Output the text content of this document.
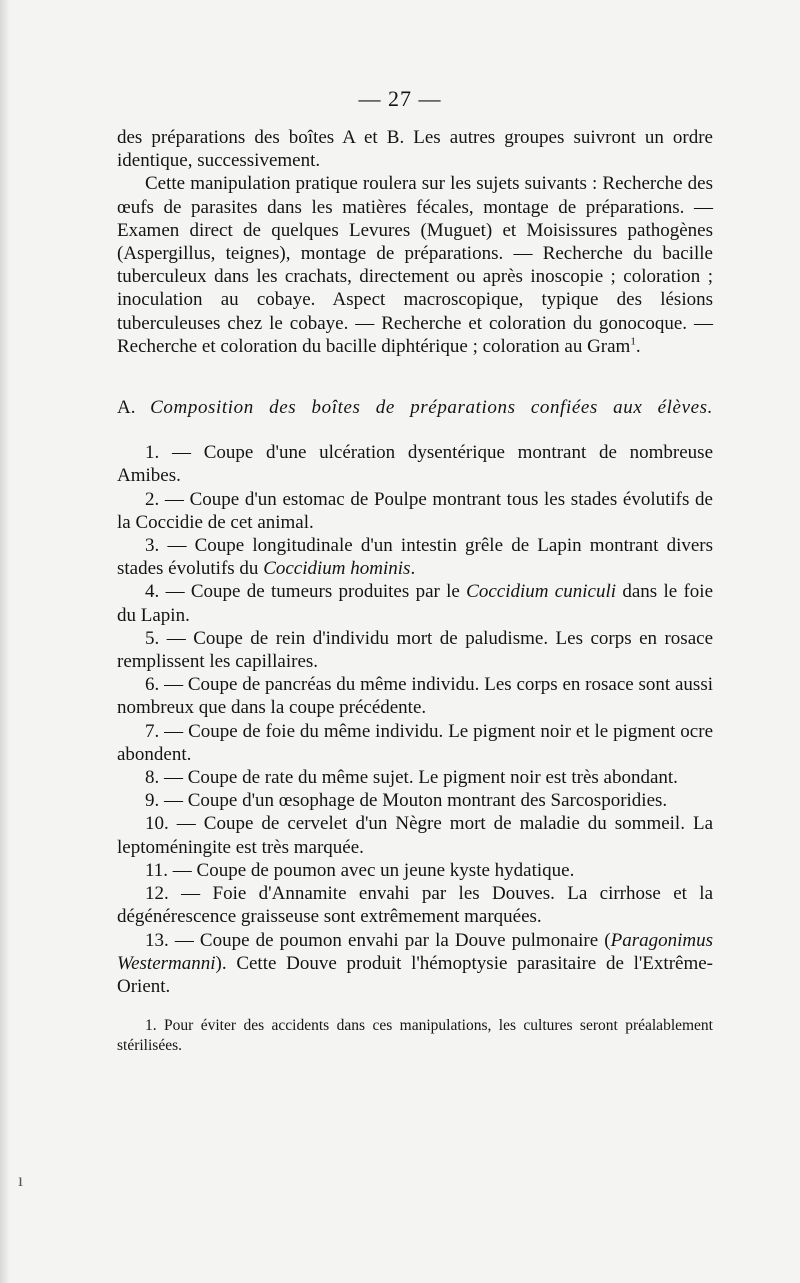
— 27 —

des préparations des boîtes A et B. Les autres groupes suivront un ordre identique, successivement.

Cette manipulation pratique roulera sur les sujets suivants : Recherche des œufs de parasites dans les matières fécales, montage de préparations. — Examen direct de quelques Levures (Muguet) et Moisissures pathogènes (Aspergillus, teignes), montage de préparations. — Recherche du bacille tuberculeux dans les crachats, directement ou après inoscopie ; coloration ; inoculation au cobaye. Aspect macroscopique, typique des lésions tuberculeuses chez le cobaye. — Recherche et coloration du gonocoque. — Recherche et coloration du bacille diphtérique ; coloration au Gram$^1$.

A. Composition des boîtes de préparations confiées aux élèves.

1. — Coupe d'une ulcération dysentérique montrant de nombreuse Amibes.

2. — Coupe d'un estomac de Poulpe montrant tous les stades évolutifs de la Coccidie de cet animal.

3. — Coupe longitudinale d'un intestin grêle de Lapin montrant divers stades évolutifs du Coccidium hominis.

4. — Coupe de tumeurs produites par le Coccidium cuniculi dans le foie du Lapin.

5. — Coupe de rein d'individu mort de paludisme. Les corps en rosace remplissent les capillaires.

6. — Coupe de pancréas du même individu. Les corps en rosace sont aussi nombreux que dans la coupe précédente.

7. — Coupe de foie du même individu. Le pigment noir et le pigment ocre abondent.

8. — Coupe de rate du même sujet. Le pigment noir est très abondant.

9. — Coupe d'un œsophage de Mouton montrant des Sarcosporidies.

10. — Coupe de cervelet d'un Nègre mort de maladie du sommeil. La leptoméningite est très marquée.

11. — Coupe de poumon avec un jeune kyste hydatique.

12. — Foie d'Annamite envahi par les Douves. La cirrhose et la dégénérescence graisseuse sont extrêmement marquées.

13. — Coupe de poumon envahi par la Douve pulmonaire (Paragonimus Westermanni). Cette Douve produit l'hémoptysie parasitaire de l'Extrême-Orient.

1. Pour éviter des accidents dans ces manipulations, les cultures seront préalablement stérilisées.

ı
